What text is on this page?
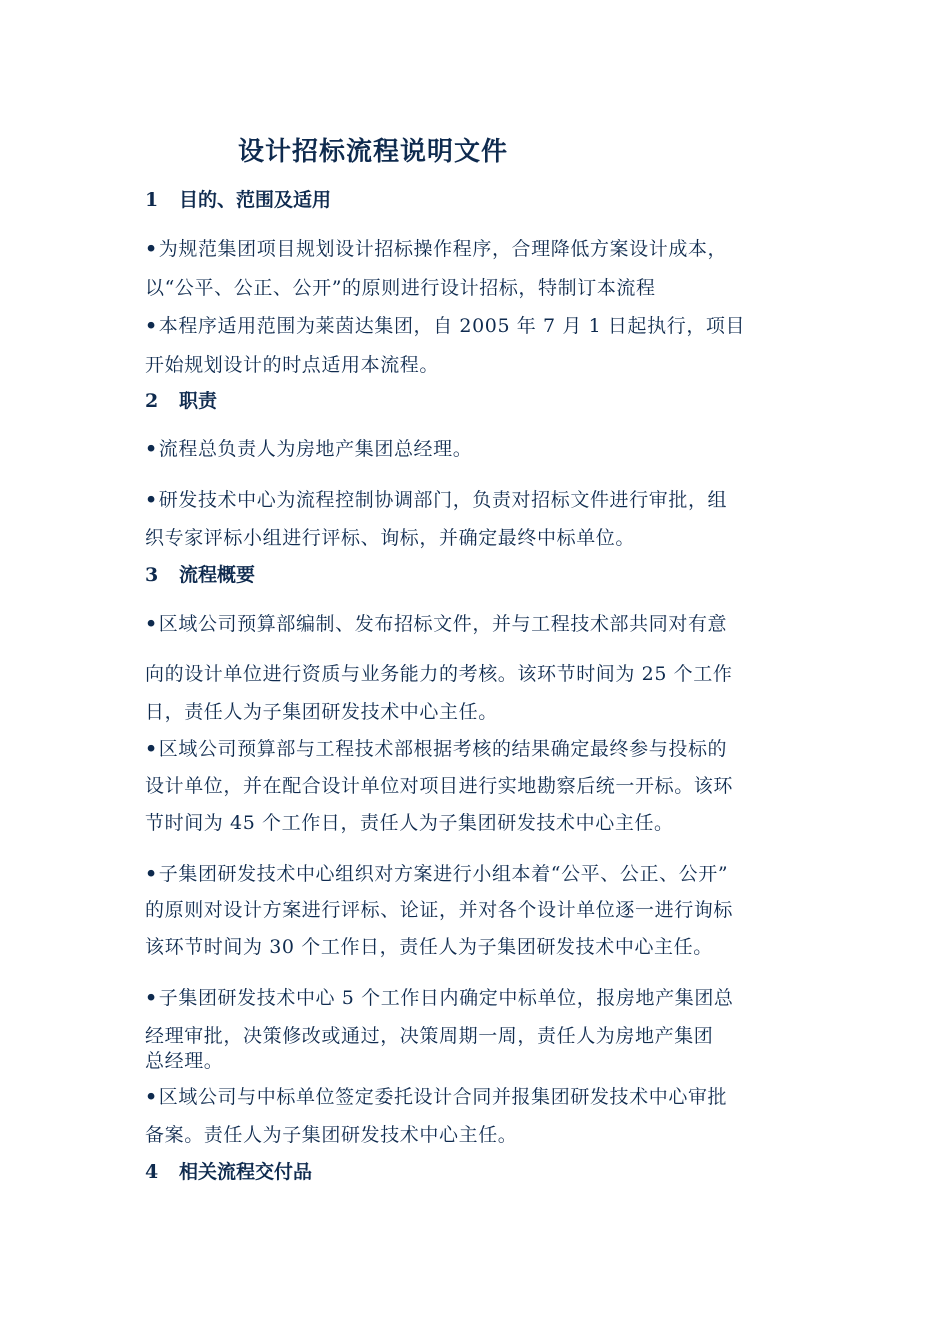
设计招标流程说明文件
1 目的、范围及适用
•为规范集团项目规划设计招标操作程序，合理降低方案设计成本，
以“公平、公正、公开”的原则进行设计招标，特制订本流程
•本程序适用范围为莱茵达集团，自 2005 年 7 月 1 日起执行，项目
开始规划设计的时点适用本流程。
2 职责
•流程总负责人为房地产集团总经理。
•研发技术中心为流程控制协调部门，负责对招标文件进行审批，组
织专家评标小组进行评标、询标，并确定最终中标单位。
3 流程概要
•区域公司预算部编制、发布招标文件，并与工程技术部共同对有意
向的设计单位进行资质与业务能力的考核。该环节时间为 25 个工作
日，责任人为子集团研发技术中心主任。
•区域公司预算部与工程技术部根据考核的结果确定最终参与投标的
设计单位，并在配合设计单位对项目进行实地勘察后统一开标。该环
节时间为 45 个工作日，责任人为子集团研发技术中心主任。
•子集团研发技术中心组织对方案进行小组本着“公平、公正、公开”
的原则对设计方案进行评标、论证，并对各个设计单位逐一进行询标
该环节时间为 30 个工作日，责任人为子集团研发技术中心主任。
•子集团研发技术中心 5 个工作日内确定中标单位，报房地产集团总
经理审批，决策修改或通过，决策周期一周，责任人为房地产集团
总经理。
•区域公司与中标单位签定委托设计合同并报集团研发技术中心审批
备案。责任人为子集团研发技术中心主任。
4 相关流程交付品
